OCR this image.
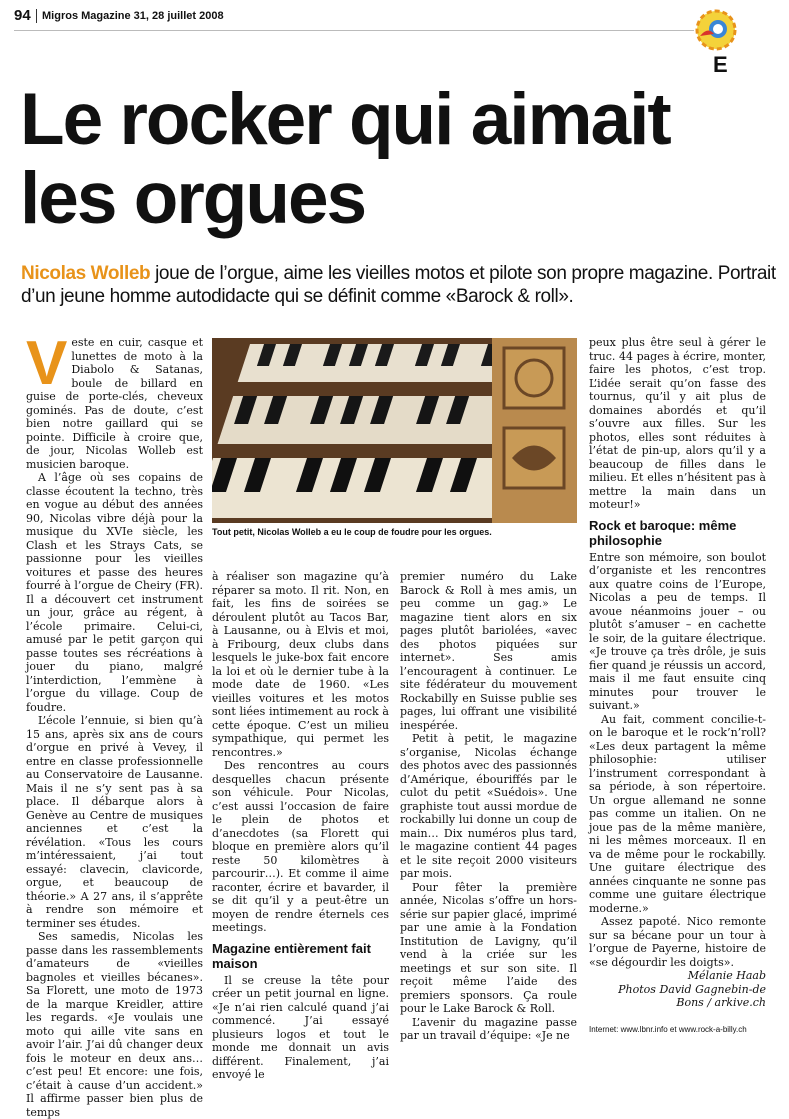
94 Migros Magazine 31, 28 juillet 2008
E
Le rocker qui aimait les orgues
Nicolas Wolleb joue de l’orgue, aime les vieilles motos et pilote son propre magazine. Portrait d’un jeune homme autodidacte qui se définit comme «Barock & roll».

Veste en cuir, casque et lunettes de moto à la Diabolo & Satanas, boule de billard en guise de porte-clés, cheveux gominés. Pas de doute, c’est bien notre gaillard qui se pointe. Difficile à croire que, de jour, Nicolas Wolleb est musicien baroque.

A l’âge où ses copains de classe écoutent la techno, très en vogue au début des années 90, Nicolas vibre déjà pour la musique du XVIe siècle, les Clash et les Strays Cats, se passionne pour les vieilles voitures et passe des heures fourré à l’orgue de Cheiry (FR). Il a découvert cet instrument un jour, grâce au régent, à l’école primaire. Celui-ci, amusé par le petit garçon qui passe toutes ses récréations à jouer du piano, malgré l’interdiction, l’emmène à l’orgue du village. Coup de foudre.

L’école l’ennuie, si bien qu’à 15 ans, après six ans de cours d’orgue en privé à Vevey, il entre en classe professionnelle au Conservatoire de Lausanne. Mais il ne s’y sent pas à sa place. Il débarque alors à Genève au Centre de musiques anciennes et c’est la révélation. «Tous les cours m’intéressaient, j’ai tout essayé: clavecin, clavicorde, orgue, et beaucoup de théorie.» A 27 ans, il s’apprête à rendre son mémoire et terminer ses études.

Ses samedis, Nicolas les passe dans les rassemblements d’amateurs de «vieilles bagnoles et vieilles bécanes». Sa Florett, une moto de 1973 de la marque Kreidler, attire les regards. «Je voulais une moto qui aille vite sans en avoir l’air. J’ai dû changer deux fois le moteur en deux ans… c’est peu! Et encore: une fois, c’était à cause d’un accident.» Il affirme passer bien plus de temps

Tout petit, Nicolas Wolleb a eu le coup de foudre pour les orgues.

à réaliser son magazine qu’à réparer sa moto. Il rit. Non, en fait, les fins de soirées se déroulent plutôt au Tacos Bar, à Lausanne, ou à Elvis et moi, à Fribourg, deux clubs dans lesquels le juke-box fait encore la loi et où le dernier tube à la mode date de 1960. «Les vieilles voitures et les motos sont liées intimement au rock à cette époque. C’est un milieu sympathique, qui permet les rencontres.»

Des rencontres au cours desquelles chacun présente son véhicule. Pour Nicolas, c’est aussi l’occasion de faire le plein de photos et d’anecdotes (sa Florett qui bloque en première alors qu’il reste 50 kilomètres à parcourir…). Et comme il aime raconter, écrire et bavarder, il se dit qu’il y a peut-être un moyen de rendre éternels ces meetings.

Magazine entièrement fait maison

Il se creuse la tête pour créer un petit journal en ligne. «Je n’ai rien calculé quand j’ai commencé. J’ai essayé plusieurs logos et tout le monde me donnait un avis différent. Finalement, j’ai envoyé le

premier numéro du Lake Barock & Roll à mes amis, un peu comme un gag.» Le magazine tient alors en six pages plutôt bariolées, «avec des photos piquées sur internet». Ses amis l’encouragent à continuer. Le site fédérateur du mouvement Rockabilly en Suisse publie ses pages, lui offrant une visibilité inespérée.

Petit à petit, le magazine s’organise, Nicolas échange des photos avec des passionnés d’Amérique, ébouriffés par le culot du petit «Suédois». Une graphiste tout aussi mordue de rockabilly lui donne un coup de main… Dix numéros plus tard, le magazine contient 44 pages et le site reçoit 2000 visiteurs par mois.

Pour fêter la première année, Nicolas s’offre un hors-série sur papier glacé, imprimé par une amie à la Fondation Institution de Lavigny, qu’il vend à la criée sur les meetings et sur son site. Il reçoit même l’aide des premiers sponsors. Ça roule pour le Lake Barock & Roll.

L’avenir du magazine passe par un travail d’équipe: «Je ne

peux plus être seul à gérer le truc. 44 pages à écrire, monter, faire les photos, c’est trop. L’idée serait qu’on fasse des tournus, qu’il y ait plus de domaines abordés et qu’il s’ouvre aux filles. Sur les photos, elles sont réduites à l’état de pin-up, alors qu’il y a beaucoup de filles dans le milieu. Et elles n’hésitent pas à mettre la main dans un moteur!»

Rock et baroque: même philosophie

Entre son mémoire, son boulot d’organiste et les rencontres aux quatre coins de l’Europe, Nicolas a peu de temps. Il avoue néanmoins jouer – ou plutôt s’amuser – en cachette le soir, de la guitare électrique. «Je trouve ça très drôle, je suis fier quand je réussis un accord, mais il me faut ensuite cinq minutes pour trouver le suivant.»

Au fait, comment concilie-t-on le baroque et le rock’n’roll? «Les deux partagent la même philosophie: utiliser l’instrument correspondant à sa période, à son répertoire. Un orgue allemand ne sonne pas comme un italien. On ne joue pas de la même manière, ni les mêmes morceaux. Il en va de même pour le rockabilly. Une guitare électrique des années cinquante ne sonne pas comme une guitare électrique moderne.»

Assez papoté. Nico remonte sur sa bécane pour un tour à l’orgue de Payerne, histoire de «se dégourdir les doigts».

Mélanie Haab
Photos David Gagnebin-de Bons / arkive.ch
Internet: www.lbnr.info et www.rock-a-billy.ch
